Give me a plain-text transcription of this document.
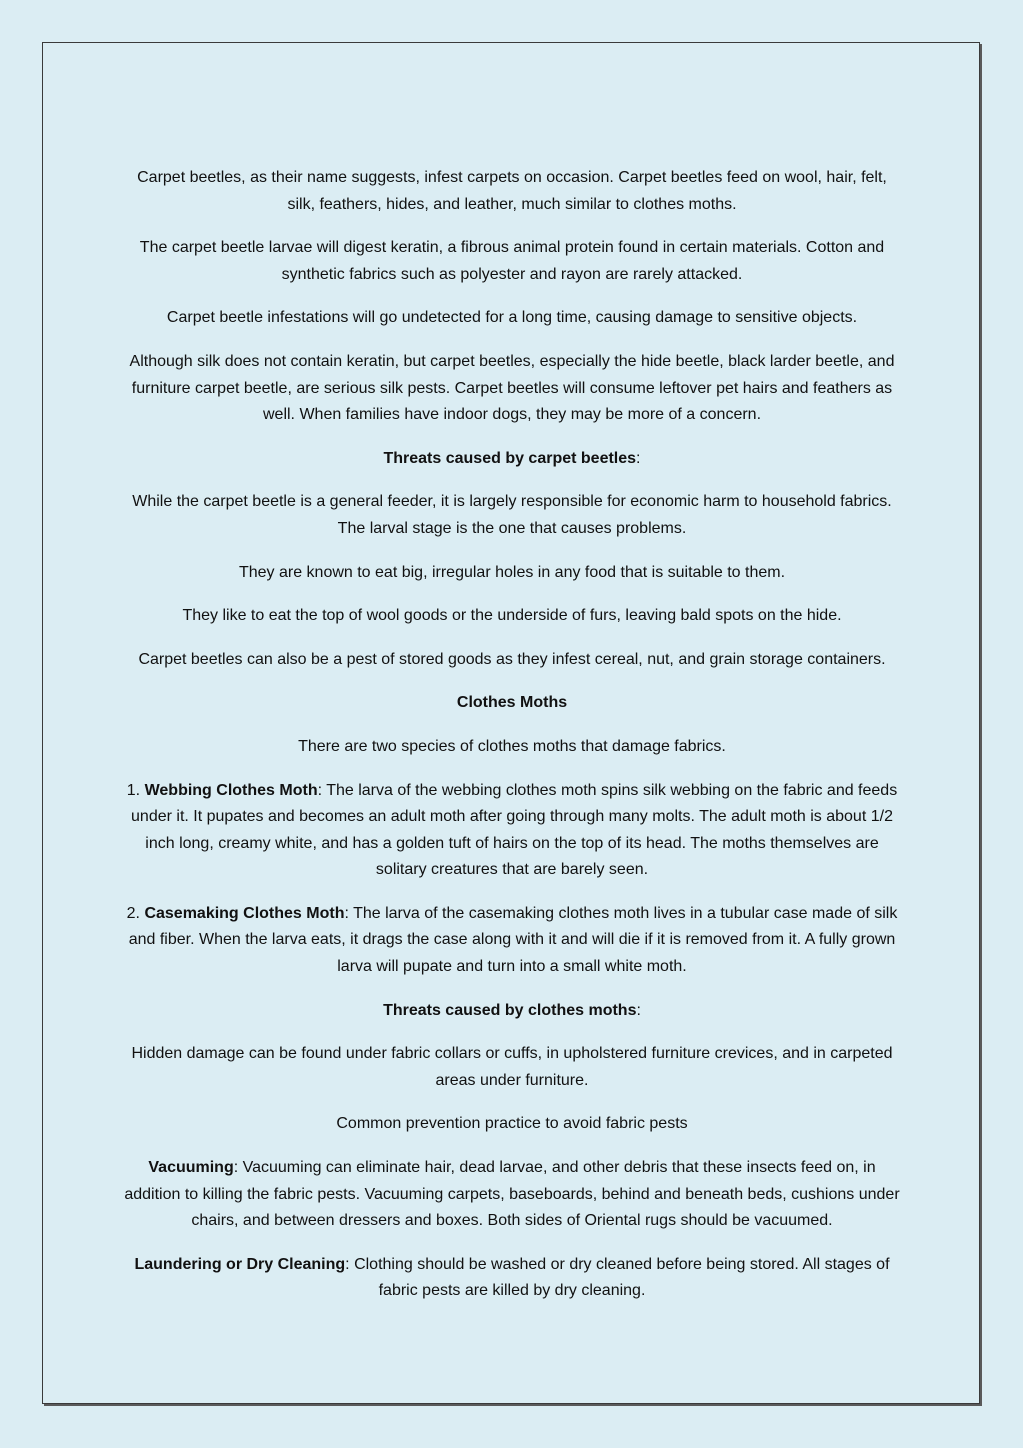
Carpet beetles, as their name suggests, infest carpets on occasion. Carpet beetles feed on wool, hair, felt, silk, feathers, hides, and leather, much similar to clothes moths.

The carpet beetle larvae will digest keratin, a fibrous animal protein found in certain materials. Cotton and synthetic fabrics such as polyester and rayon are rarely attacked.

Carpet beetle infestations will go undetected for a long time, causing damage to sensitive objects.

Although silk does not contain keratin, but carpet beetles, especially the hide beetle, black larder beetle, and furniture carpet beetle, are serious silk pests. Carpet beetles will consume leftover pet hairs and feathers as well. When families have indoor dogs, they may be more of a concern.

Threats caused by carpet beetles:

While the carpet beetle is a general feeder, it is largely responsible for economic harm to household fabrics. The larval stage is the one that causes problems.

They are known to eat big, irregular holes in any food that is suitable to them.

They like to eat the top of wool goods or the underside of furs, leaving bald spots on the hide.

Carpet beetles can also be a pest of stored goods as they infest cereal, nut, and grain storage containers.

Clothes Moths

There are two species of clothes moths that damage fabrics.

1. Webbing Clothes Moth: The larva of the webbing clothes moth spins silk webbing on the fabric and feeds under it. It pupates and becomes an adult moth after going through many molts. The adult moth is about 1/2 inch long, creamy white, and has a golden tuft of hairs on the top of its head. The moths themselves are solitary creatures that are barely seen.

2. Casemaking Clothes Moth: The larva of the casemaking clothes moth lives in a tubular case made of silk and fiber. When the larva eats, it drags the case along with it and will die if it is removed from it. A fully grown larva will pupate and turn into a small white moth.

Threats caused by clothes moths:

Hidden damage can be found under fabric collars or cuffs, in upholstered furniture crevices, and in carpeted areas under furniture.

Common prevention practice to avoid fabric pests

Vacuuming: Vacuuming can eliminate hair, dead larvae, and other debris that these insects feed on, in addition to killing the fabric pests. Vacuuming carpets, baseboards, behind and beneath beds, cushions under chairs, and between dressers and boxes. Both sides of Oriental rugs should be vacuumed.

Laundering or Dry Cleaning: Clothing should be washed or dry cleaned before being stored. All stages of fabric pests are killed by dry cleaning.
